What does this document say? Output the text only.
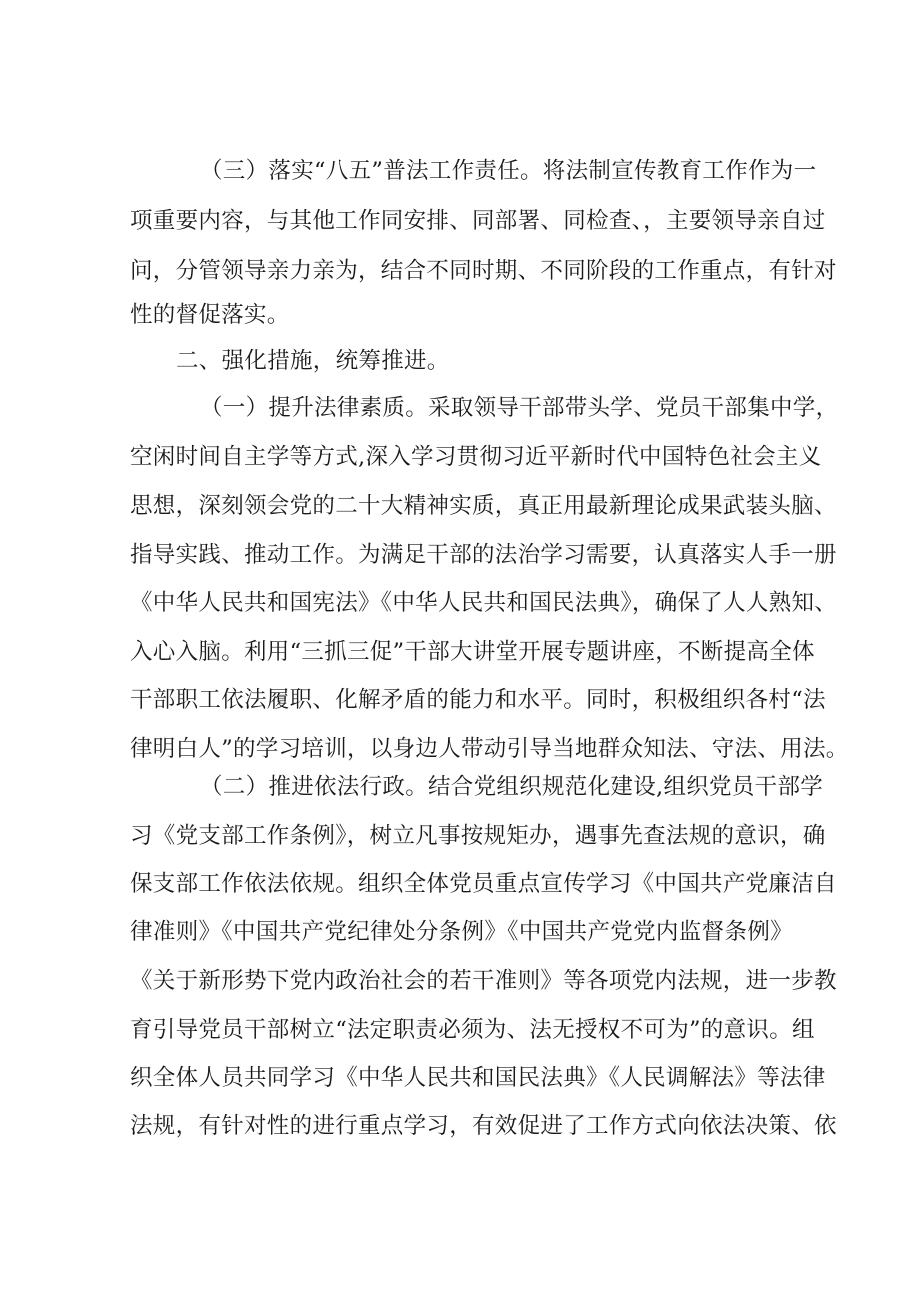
（三）落实“八五”普法工作责任。将法制宣传教育工作作为一
项重要内容，与其他工作同安排、同部署、同检查、，主要领导亲自过
问，分管领导亲力亲为，结合不同时期、不同阶段的工作重点，有针对
性的督促落实。
二、强化措施，统筹推进。
（一）提升法律素质。采取领导干部带头学、党员干部集中学，
空闲时间自主学等方式,深入学习贯彻习近平新时代中国特色社会主义
思想，深刻领会党的二十大精神实质，真正用最新理论成果武装头脑、
指导实践、推动工作。为满足干部的法治学习需要，认真落实人手一册
《中华人民共和国宪法》《中华人民共和国民法典》，确保了人人熟知、
入心入脑。利用“三抓三促”干部大讲堂开展专题讲座，不断提高全体
干部职工依法履职、化解矛盾的能力和水平。同时，积极组织各村“法
律明白人”的学习培训，以身边人带动引导当地群众知法、守法、用法。
（二）推进依法行政。结合党组织规范化建设,组织党员干部学
习《党支部工作条例》，树立凡事按规矩办，遇事先查法规的意识，确
保支部工作依法依规。组织全体党员重点宣传学习《中国共产党廉洁自
律准则》《中国共产党纪律处分条例》《中国共产党党内监督条例》
《关于新形势下党内政治社会的若干准则》等各项党内法规，进一步教
育引导党员干部树立“法定职责必须为、法无授权不可为”的意识。组
织全体人员共同学习《中华人民共和国民法典》《人民调解法》等法律
法规，有针对性的进行重点学习，有效促进了工作方式向依法决策、依
